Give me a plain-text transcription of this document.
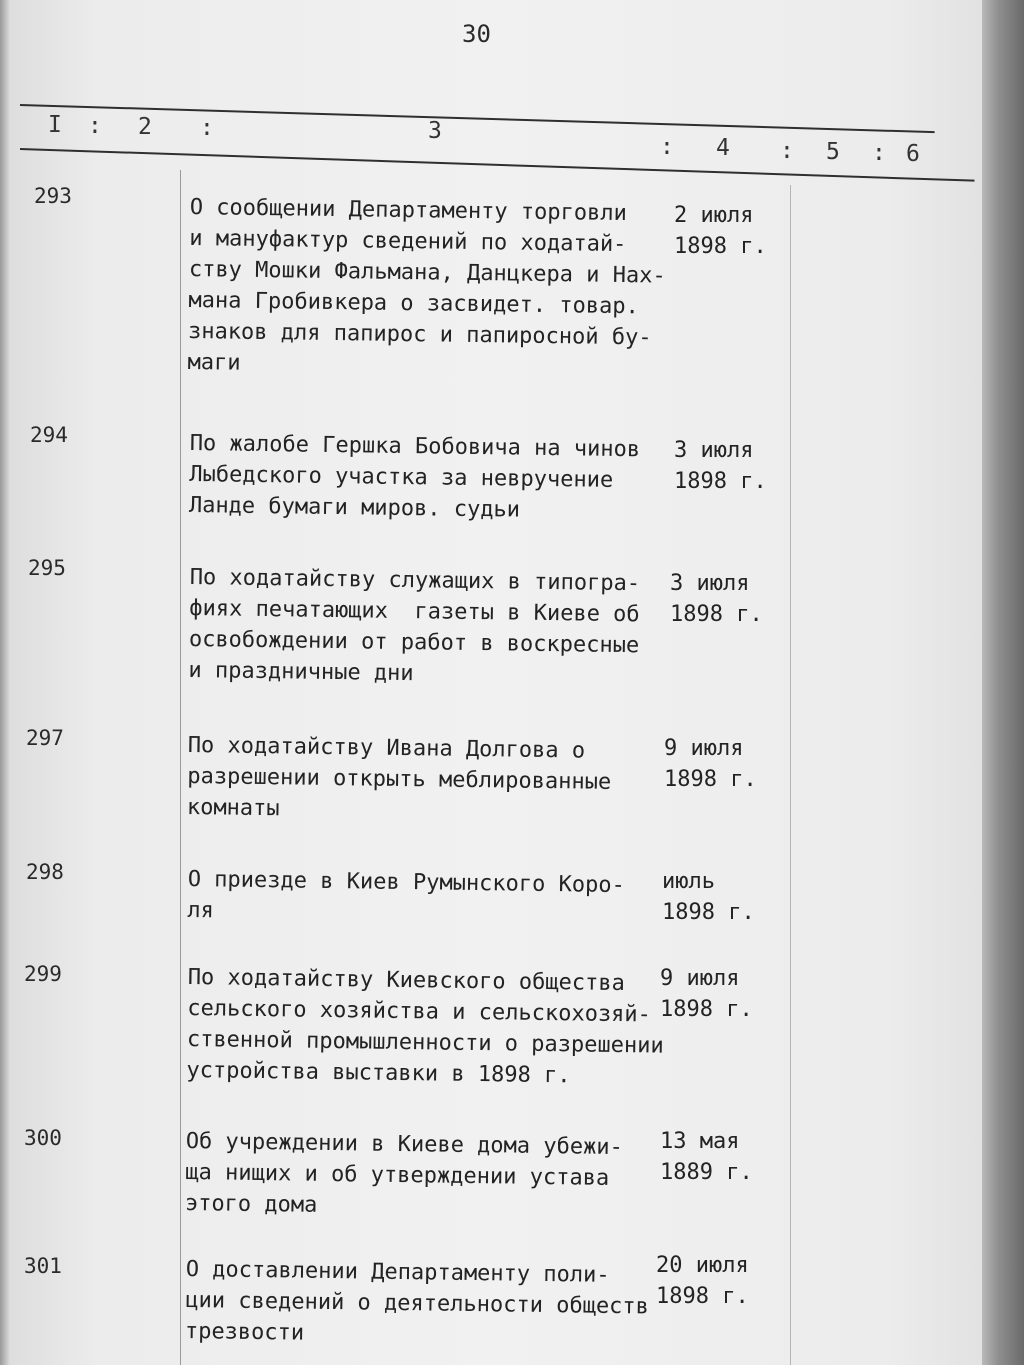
30
I : 2 :	3
: 4 : 5 : 6
293	О сообщении Департаменту торговли
и мануфактур сведений по ходатай-
ству Мошки Фальмана, Данцкера и Нах-
мана Гробивкера о засвидет. товар.
знаков для папирос и папиросной бу-
маги
2 июля
1898 г.
294	По жалобе Гершка Бобовича на чинов
Лыбедского участка за невручение
Ланде бумаги миров. судьи
3 июля
1898 г.
295	По ходатайству служащих в типогра-
фиях печатающих  газеты в Киеве об
освобождении от работ в воскресные
и праздничные дни
3 июля
1898 г.
297	По ходатайству Ивана Долгова о
разрешении открыть меблированные
комнаты
9 июля
1898 г.
298	О приезде в Киев Румынского Коро-
ля
июль
1898 г.
299	По ходатайству Киевского общества
сельского хозяйства и сельскохозяй-
ственной промышленности о разрешении
устройства выставки в 1898 г.
9 июля
1898 г.
300	Об учреждении в Киеве дома убежи-
ща нищих и об утверждении устава
этого дома
13 мая
1889 г.
301	О доставлении Департаменту поли-
ции сведений о деятельности обществ
трезвости
20 июля
1898 г.
